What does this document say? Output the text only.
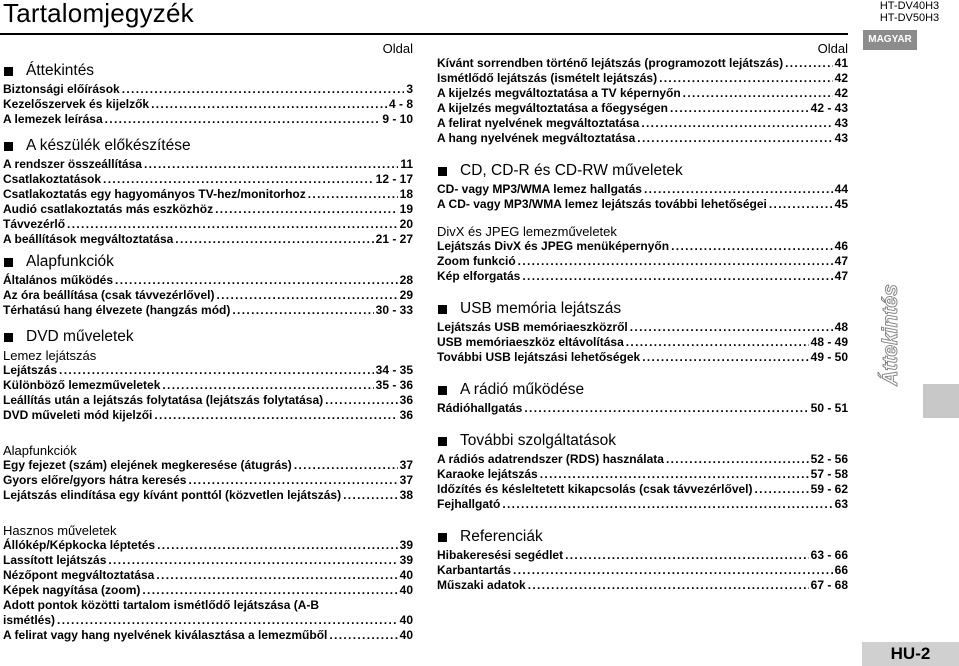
Tartalomjegyzék
Oldal
Áttekintés
Biztonsági előírások . . .	3
Kezelőszervek és kijelzők . . .	4 - 8
A lemezek leírása . . .	9 - 10
A készülék előkészítése
A rendszer összeállítása . . .	11
Csatlakoztatások . . .	12 - 17
Csatlakoztatás egy hagyományos TV-hez/monitorhoz . . .	18
Audió csatlakoztatás más eszközhöz . . .	19
Távvezérlő . . .	20
A beállítások megváltoztatása . . .	21 - 27
Alapfunkciók
Általános működés . . .	28
Az óra beállítása (csak távvezérlővel) . . .	29
Térhatású hang élvezete (hangzás mód) . . .	30 - 33
DVD műveletek
Lemez lejátszás
Lejátszás . . .	34 - 35
Különböző lemezműveletek . . .	35 - 36
Leállítás után a lejátszás folytatása (lejátszás folytatása) . . .	36
DVD műveleti mód kijelzői . . .	36
Alapfunkciók
Egy fejezet (szám) elejének megkeresése (átugrás) . . .	37
Gyors előre/gyors hátra keresés . . .	37
Lejátszás elindítása egy kívánt ponttól (közvetlen lejátszás) . . .	38
Hasznos műveletek
Állókép/Képkocka léptetés . . .	39
Lassított lejátszás . . .	39
Nézőpont megváltoztatása . . .	40
Képek nagyítása (zoom) . . .	40
Adott pontok közötti tartalom ismétlődő lejátszása (A-B
ismétlés) . . .	40
A felirat vagy hang nyelvének kiválasztása a lemezműből . . .	40
Oldal
Kívánt sorrendben történő lejátszás (programozott lejátszás) . . .	41
Ismétlődő lejátszás (ismételt lejátszás) . . .	42
A kijelzés megváltoztatása a TV képernyőn . . .	42
A kijelzés megváltoztatása a főegységen . . .	42 - 43
A felirat nyelvének megváltoztatása . . .	43
A hang nyelvének megváltoztatása . . .	43
CD, CD-R és CD-RW műveletek
CD- vagy MP3/WMA lemez hallgatás . . .	44
A CD- vagy MP3/WMA lemez lejátszás további lehetőségei . . .	45
DivX és JPEG lemezműveletek
Lejátszás DivX és JPEG menüképernyőn . . .	46
Zoom funkció . . .	47
Kép elforgatás . . .	47
USB memória lejátszás
Lejátszás USB memóriaeszközről . . .	48
USB memóriaeszköz eltávolítása . . .	48 - 49
További USB lejátszási lehetőségek . . .	49 - 50
A rádió működése
Rádióhallgatás . . .	50 - 51
További szolgáltatások
A rádiós adatrendszer (RDS) használata . . .	52 - 56
Karaoke lejátszás . . .	57 - 58
Időzítés és késleltetett kikapcsolás (csak távvezérlővel) . . .	59 - 62
Fejhallgató . . .	63
Referenciák
Hibakeresési segédlet . . .	63 - 66
Karbantartás . . .	66
Műszaki adatok . . .	67 - 68
HT-DV40H3
HT-DV50H3
MAGYAR
Áttekintés
HU-2
